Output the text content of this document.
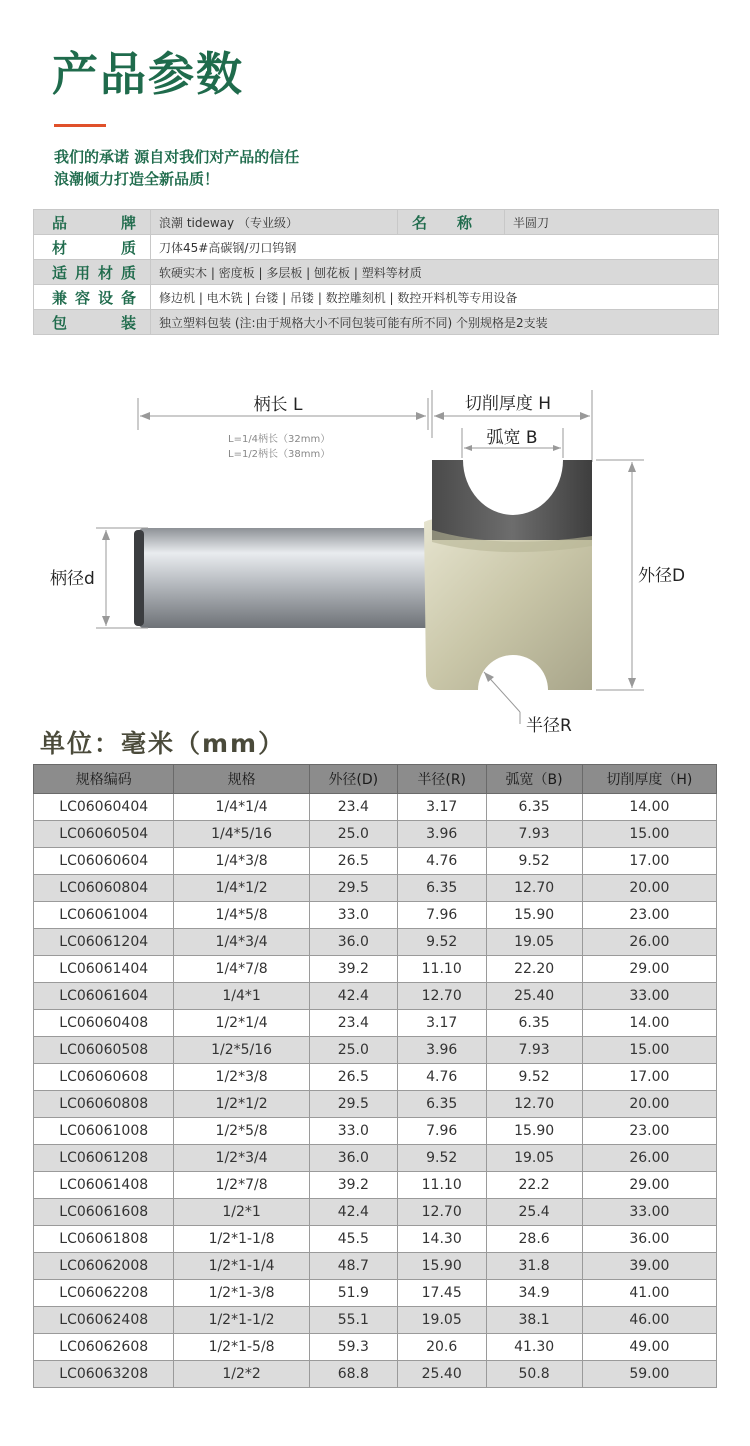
产品参数
我们的承诺 源自对我们对产品的信任
浪潮倾力打造全新品质！
品牌	浪潮 tideway （专业级）	名称	半圆刀
材质	刀体45#高碳钢/刃口钨钢		
适用材质	软硬实木 | 密度板 | 多层板 | 刨花板 | 塑料等材质		
兼容设备	修边机 | 电木铣 | 台镂 | 吊镂 | 数控雕刻机 | 数控开料机等专用设备		
包装	独立塑料包装 (注:由于规格大小不同包装可能有所不同) 个别规格是2支装		
柄长 L
L=1/4柄长（32mm）
L=1/2柄长（38mm）
切削厚度 H
弧宽 B
柄径d	外径D
半径R
单位：毫米（mm）
规格编码	规格	外径(D)	半径(R)	弧宽（B)	切削厚度（H)
LC06060404	1/4*1/4	23.4	3.17	6.35	14.00
LC06060504	1/4*5/16	25.0	3.96	7.93	15.00
LC06060604	1/4*3/8	26.5	4.76	9.52	17.00
LC06060804	1/4*1/2	29.5	6.35	12.70	20.00
LC06061004	1/4*5/8	33.0	7.96	15.90	23.00
LC06061204	1/4*3/4	36.0	9.52	19.05	26.00
LC06061404	1/4*7/8	39.2	11.10	22.20	29.00
LC06061604	1/4*1	42.4	12.70	25.40	33.00
LC06060408	1/2*1/4	23.4	3.17	6.35	14.00
LC06060508	1/2*5/16	25.0	3.96	7.93	15.00
LC06060608	1/2*3/8	26.5	4.76	9.52	17.00
LC06060808	1/2*1/2	29.5	6.35	12.70	20.00
LC06061008	1/2*5/8	33.0	7.96	15.90	23.00
LC06061208	1/2*3/4	36.0	9.52	19.05	26.00
LC06061408	1/2*7/8	39.2	11.10	22.2	29.00
LC06061608	1/2*1	42.4	12.70	25.4	33.00
LC06061808	1/2*1-1/8	45.5	14.30	28.6	36.00
LC06062008	1/2*1-1/4	48.7	15.90	31.8	39.00
LC06062208	1/2*1-3/8	51.9	17.45	34.9	41.00
LC06062408	1/2*1-1/2	55.1	19.05	38.1	46.00
LC06062608	1/2*1-5/8	59.3	20.6	41.30	49.00
LC06063208	1/2*2	68.8	25.40	50.8	59.00
